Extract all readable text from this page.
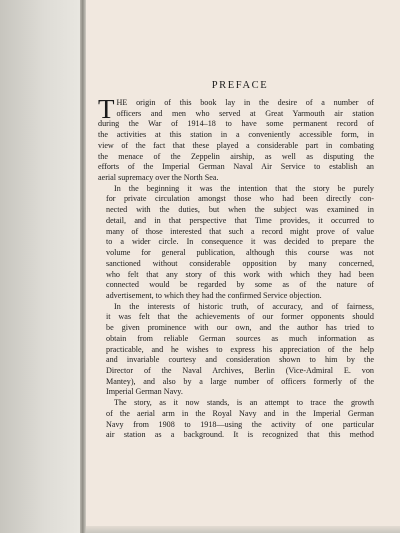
PREFACE
T HE origin of this book lay in the desire of a number of
officers and men who served at Great Yarmouth air station
during the War of 1914–18 to have some permanent record of
the activities at this station in a conveniently accessible form, in
view of the fact that these played a considerable part in combating
the menace of the Zeppelin airship, as well as disputing the
efforts of the Imperial German Naval Air Service to establish an
aerial supremacy over the North Sea.
In the beginning it was the intention that the story be purely
for private circulation amongst those who had been directly con-
nected with the duties, but when the subject was examined in
detail, and in that perspective that Time provides, it occurred to
many of those interested that such a record might prove of value
to a wider circle. In consequence it was decided to prepare the
volume for general publication, although this course was not
sanctioned without considerable opposition by many concerned,
who felt that any story of this work with which they had been
connected would be regarded by some as of the nature of
advertisement, to which they had the confirmed Service objection.
In the interests of historic truth, of accuracy, and of fairness,
it was felt that the achievements of our former opponents should
be given prominence with our own, and the author has tried to
obtain from reliable German sources as much information as
practicable, and he wishes to express his appreciation of the help
and invariable courtesy and consideration shown to him by the
Director of the Naval Archives, Berlin (Vice-Admiral E. von
Mantey), and also by a large number of officers formerly of the
Imperial German Navy.
The story, as it now stands, is an attempt to trace the growth
of the aerial arm in the Royal Navy and in the Imperial German
Navy from 1908 to 1918—using the activity of one particular
air station as a background. It is recognized that this method
